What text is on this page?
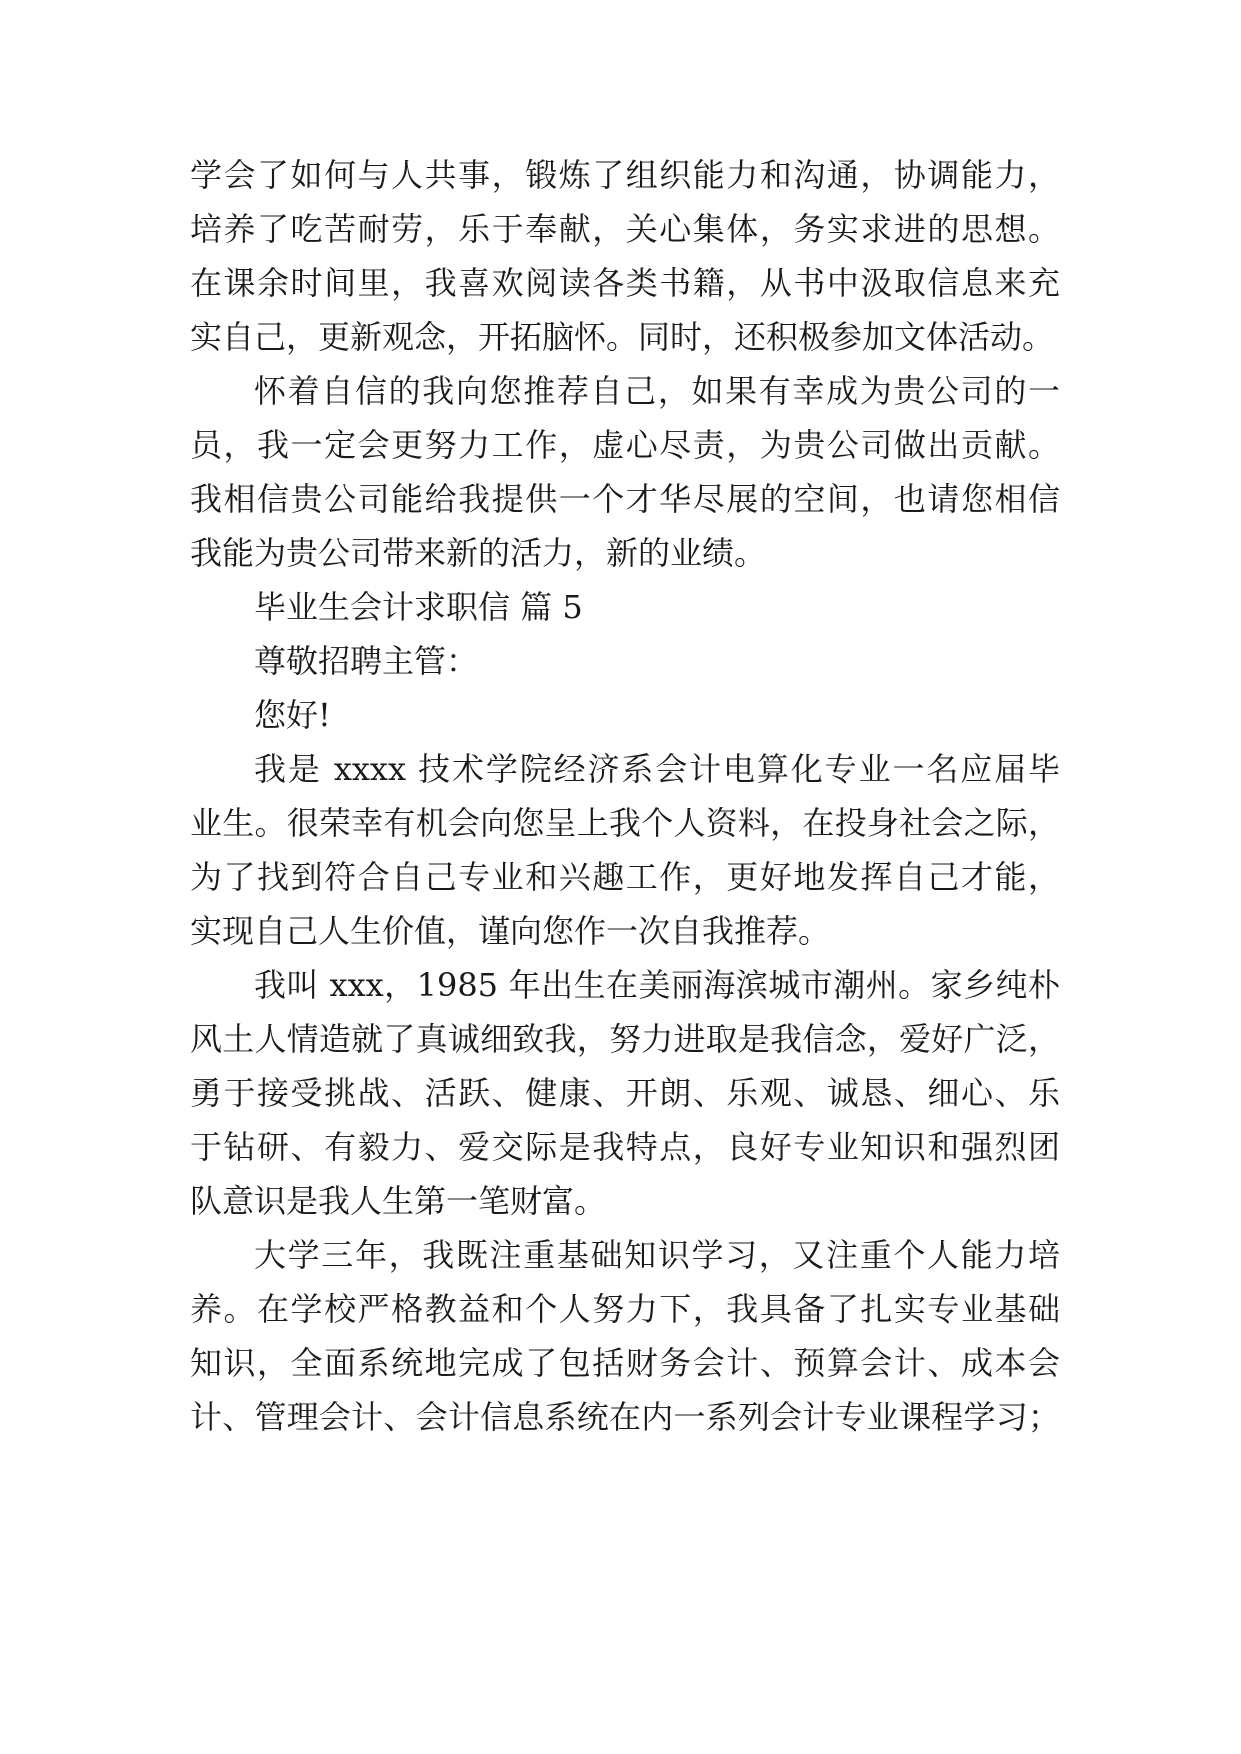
学会了如何与人共事，锻炼了组织能力和沟通，协调能力，
培养了吃苦耐劳，乐于奉献，关心集体，务实求进的思想。
在课余时间里，我喜欢阅读各类书籍，从书中汲取信息来充
实自己，更新观念，开拓脑怀。同时，还积极参加文体活动。
怀着自信的我向您推荐自己，如果有幸成为贵公司的一
员，我一定会更努力工作，虚心尽责，为贵公司做出贡献。
我相信贵公司能给我提供一个才华尽展的空间，也请您相信
我能为贵公司带来新的活力，新的业绩。
毕业生会计求职信 篇 5
尊敬招聘主管：
您好!
我是 xxxx 技术学院经济系会计电算化专业一名应届毕
业生。很荣幸有机会向您呈上我个人资料，在投身社会之际，
为了找到符合自己专业和兴趣工作，更好地发挥自己才能，
实现自己人生价值，谨向您作一次自我推荐。
我叫 xxx，1985 年出生在美丽海滨城市潮州。家乡纯朴
风土人情造就了真诚细致我，努力进取是我信念，爱好广泛，
勇于接受挑战、活跃、健康、开朗、乐观、诚恳、细心、乐
于钻研、有毅力、爱交际是我特点，良好专业知识和强烈团
队意识是我人生第一笔财富。
大学三年，我既注重基础知识学习，又注重个人能力培
养。在学校严格教益和个人努力下，我具备了扎实专业基础
知识，全面系统地完成了包括财务会计、预算会计、成本会
计、管理会计、会计信息系统在内一系列会计专业课程学习；
